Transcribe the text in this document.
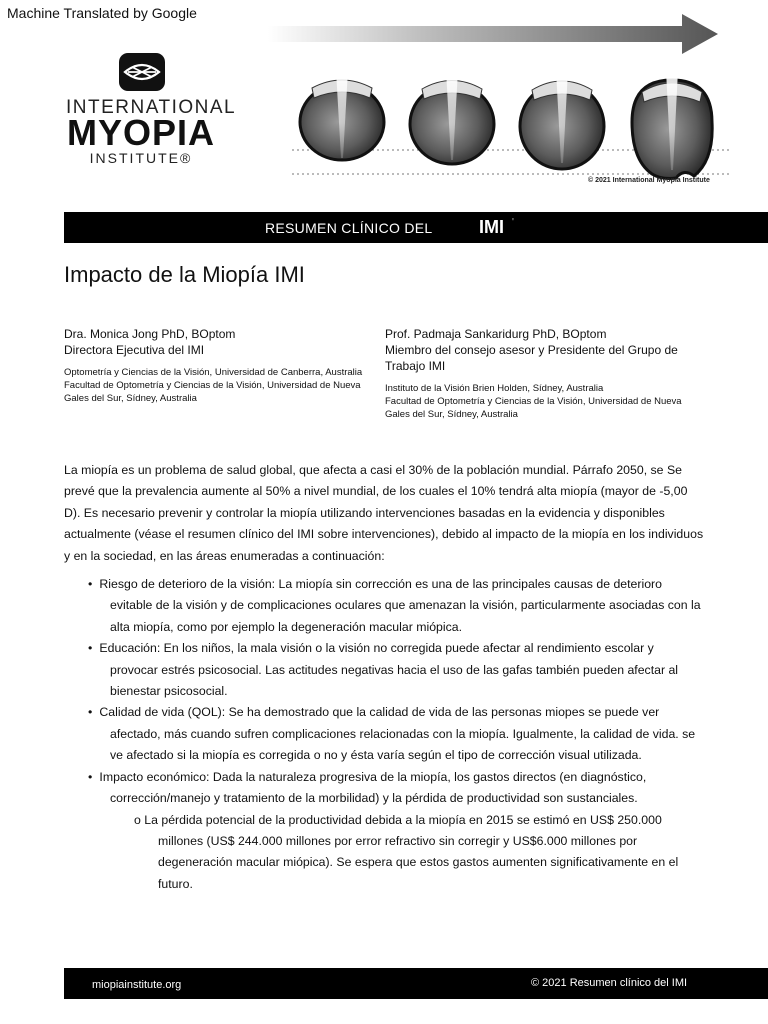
Machine Translated by Google
INTERNATIONAL
MYOPIA
INSTITUTE®
© 2021 International Myopia Institute
RESUMEN CLÍNICO DEL	IMI '
Impacto de la Miopía IMI

Dra. Monica Jong PhD, BOptom

Directora Ejecutiva del IMI

Optometría y Ciencias de la Visión, Universidad de Canberra, Australia

Facultad de Optometría y Ciencias de la Visión, Universidad de Nueva Gales del Sur, Sídney, Australia

Prof. Padmaja Sankaridurg PhD, BOptom

Miembro del consejo asesor y Presidente del Grupo de Trabajo IMI

Instituto de la Visión Brien Holden, Sídney, Australia

Facultad de Optometría y Ciencias de la Visión, Universidad de Nueva Gales del Sur, Sídney, Australia

La miopía es un problema de salud global, que afecta a casi el 30% de la población mundial. Párrafo 2050, se Se prevé que la prevalencia aumente al 50% a nivel mundial, de los cuales el 10% tendrá alta miopía (mayor de -5,00 D). Es necesario prevenir y controlar la miopía utilizando intervenciones basadas en la evidencia y disponibles actualmente (véase el resumen clínico del IMI sobre intervenciones), debido al impacto de la miopía en los individuos y en la sociedad, en las áreas enumeradas a continuación:

• Riesgo de deterioro de la visión: La miopía sin corrección es una de las principales causas de deterioro evitable de la visión y de complicaciones oculares que amenazan la visión, particularmente asociadas con la alta miopía, como por ejemplo la degeneración macular miópica.
• Educación: En los niños, la mala visión o la visión no corregida puede afectar al rendimiento escolar y provocar estrés psicosocial. Las actitudes negativas hacia el uso de las gafas también pueden afectar al bienestar psicosocial.
• Calidad de vida (QOL): Se ha demostrado que la calidad de vida de las personas miopes se puede ver afectado, más cuando sufren complicaciones relacionadas con la miopía. Igualmente, la calidad de vida. se ve afectado si la miopía es corregida o no y ésta varía según el tipo de corrección visual utilizada.
• Impacto económico: Dada la naturaleza progresiva de la miopía, los gastos directos (en diagnóstico, corrección/manejo y tratamiento de la morbilidad) y la pérdida de productividad son sustanciales.

o La pérdida potencial de la productividad debida a la miopía en 2015 se estimó en US$ 250.000 millones (US$ 244.000 millones por error refractivo sin corregir y US$6.000 millones por degeneración macular miópica). Se espera que estos gastos aumenten significativamente en el futuro.

miopiainstitute.org	© 2021 Resumen clínico del IMI
